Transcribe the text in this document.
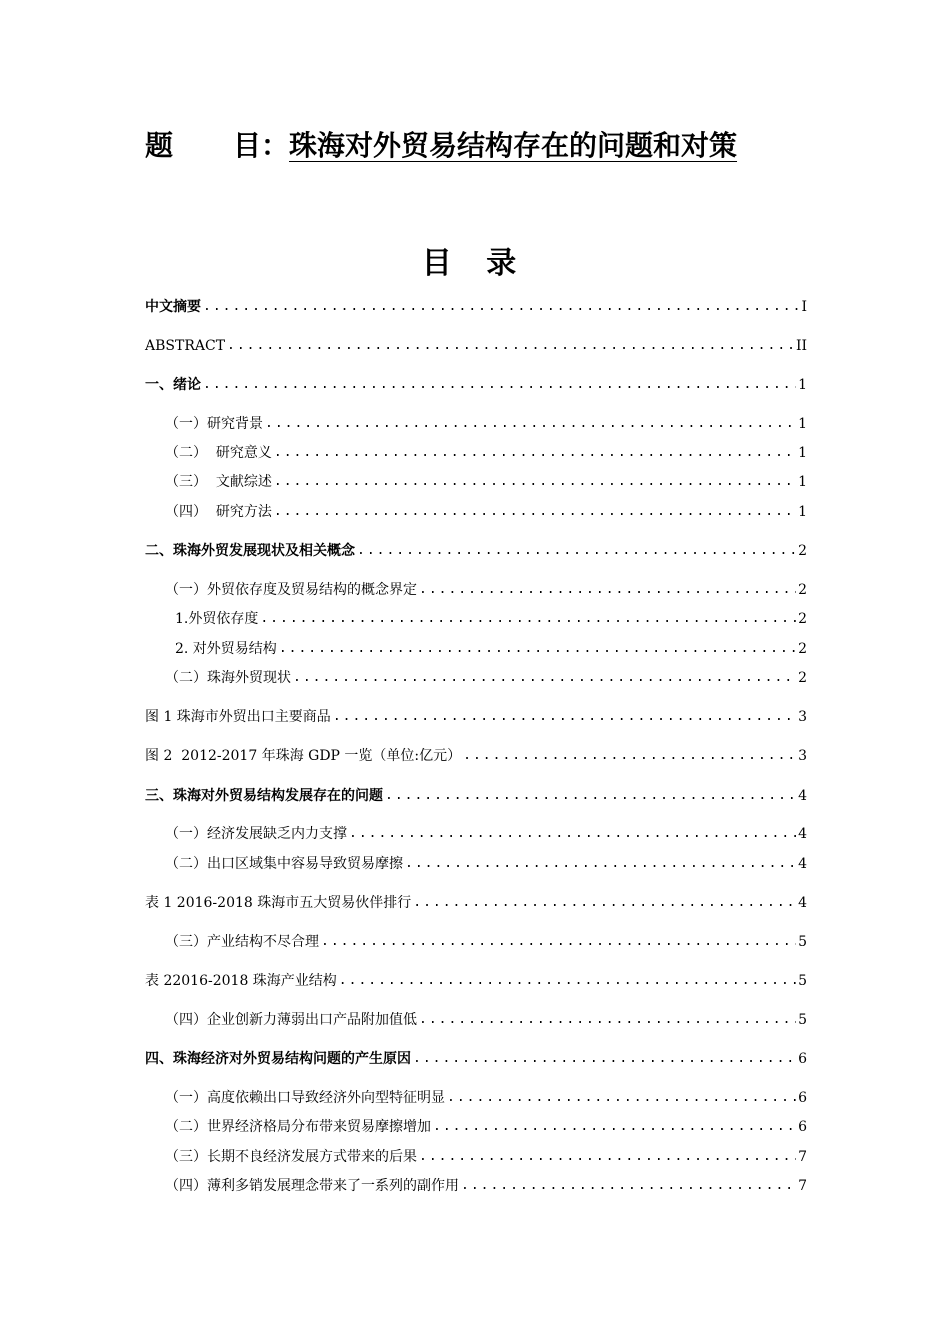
题 目：珠海对外贸易结构存在的问题和对策
目 录
中文摘要 .....	I
ABSTRACT .....	II
一、绪论 .....	1
（一）研究背景 .....	1
（二）  研究意义 .....	1
（三）  文献综述 .....	1
（四）  研究方法 .....	1
二、珠海外贸发展现状及相关概念 .....	2
（一）外贸依存度及贸易结构的概念界定 .....	2
1.外贸依存度 .....	2
2. 对外贸易结构 .....	2
（二）珠海外贸现状 .....	2
图 1 珠海市外贸出口主要商品 .....	3
图 2  2012-2017 年珠海 GDP 一览（单位:亿元） .....	3
三、珠海对外贸易结构发展存在的问题 .....	4
（一）经济发展缺乏内力支撑 .....	4
（二）出口区域集中容易导致贸易摩擦 .....	4
表 1 2016-2018 珠海市五大贸易伙伴排行 .....	4
（三）产业结构不尽合理 .....	5
表 22016-2018 珠海产业结构 .....	5
（四）企业创新力薄弱出口产品附加值低 .....	5
四、珠海经济对外贸易结构问题的产生原因 .....	6
（一）高度依赖出口导致经济外向型特征明显 .....	6
（二）世界经济格局分布带来贸易摩擦增加 .....	6
（三）长期不良经济发展方式带来的后果 .....	7
（四）薄利多销发展理念带来了一系列的副作用 .....	7
